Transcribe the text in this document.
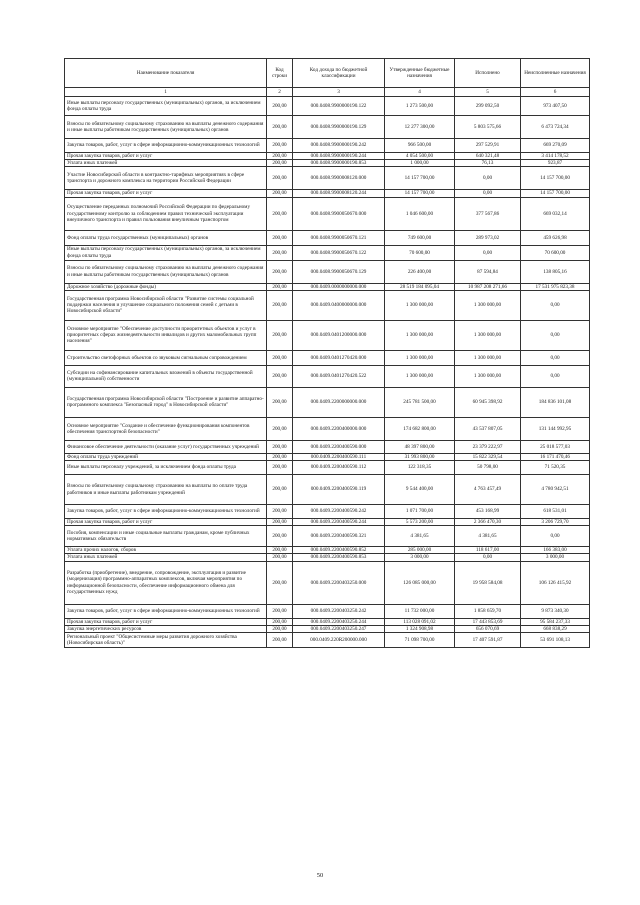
Наименование показателя	Код строки	Код дохода по бюджетной классификации	Утвержденные бюджетные назначения	Исполнено	Неисполненные назначения
1	2	3	4	5	6
Иные выплаты персоналу государственных (муниципальных) органов, за исключением фонда оплаты труда	200,00	000.0408.9900000190.122	1 273 500,00	299 092,50	973 407,50
Взносы по обязательному социальному страхованию на выплаты денежного содержания и иные выплаты работникам государственных (муниципальных) органов	200,00	000.0408.9900000190.129	12 277 300,00	5 803 575,66	6 473 724,34
Закупка товаров, работ, услуг в сфере информационно-коммуникационных технологий	200,00	000.0408.9900000190.242	966 500,00	297 529,91	669 270,09
Прочая закупка товаров, работ и услуг	200,00	000.0408.9900000190.244	4 054 500,00	640 321,48	3 414 178,52
Уплата иных платежей	200,00	000.0408.9900000190.853	1 000,00	76,13	923,87
Участие Новосибирской области в контрактно-тарифных мероприятиях в сфере транспорта и дорожного комплекса на территории Российской Федерации	200,00	000.0408.9900008120.000	14 157 700,00	0,00	14 157 700,00
Прочая закупка товаров, работ и услуг	200,00	000.0408.9900008120.244	14 157 700,00	0,00	14 157 700,00
Осуществление переданных полномочий Российской Федерации по федеральному государственному контролю за соблюдением правил технической эксплуатации внеуличного транспорта и правил пользования внеуличным транспортом	200,00	000.0408.9900050670.000	1 046 600,00	377 567,86	669 032,14
Фонд оплаты труда государственных (муниципальных) органов	200,00	000.0408.9900050670.121	749 600,00	289 973,02	459 626,98
Иные выплаты персоналу государственных (муниципальных) органов, за исключением фонда оплаты труда	200,00	000.0408.9900050670.122	70 600,00	0,00	70 600,00
Взносы по обязательному социальному страхованию на выплаты денежного содержания и иные выплаты работникам государственных (муниципальных) органов	200,00	000.0408.9900050670.129	226 400,00	87 594,84	138 805,16
Дорожное хозяйство (дорожные фонды)	200,00	000.0409.0000000000.000	28 519 184 095,04	10 987 208 271,66	17 531 975 823,38
Государственная программа Новосибирской области "Развитие системы социальной поддержки населения и улучшение социального положения семей с детьми в Новосибирской области"	200,00	000.0409.0400000000.000	1 300 000,00	1 300 000,00	0,00
Основное мероприятие "Обеспечение доступности приоритетных объектов и услуг в приоритетных сферах жизнедеятельности инвалидов и других маломобильных групп населения"	200,00	000.0409.0401200000.000	1 300 000,00	1 300 000,00	0,00
Строительство светофорных объектов со звуковым сигнальным сопровождением	200,00	000.0409.0401270420.000	1 300 000,00	1 300 000,00	0,00
Субсидии на софинансирование капитальных вложений в объекты государственной (муниципальной) собственности	200,00	000.0409.0401270420.522	1 300 000,00	1 300 000,00	0,00
Государственная программа Новосибирской области "Построение и развитие аппаратно-программного комплекса "Безопасный город" в Новосибирской области"	200,00	000.0409.2200000000.000	245 781 500,00	60 945 398,92	184 836 101,08
Основное мероприятие "Создание и обеспечение функционирования компонентов обеспечения транспортной безопасности"	200,00	000.0409.2200400000.000	174 682 800,00	43 537 807,05	131 144 992,95
Финансовое обеспечение деятельности (оказание услуг) государственных учреждений	200,00	000.0409.2200400590.000	48 397 800,00	23 379 222,97	25 018 577,03
Фонд оплаты труда учреждений	200,00	000.0409.2200400590.111	31 993 800,00	15 822 329,54	16 171 470,46
Иные выплаты персоналу учреждений, за исключением фонда оплаты труда	200,00	000.0409.2200400590.112	122 318,35	50 798,00	71 520,35
Взносы по обязательному социальному страхованию на выплаты по оплате труда работников и иные выплаты работникам учреждений	200,00	000.0409.2200400590.119	9 544 400,00	4 763 457,49	4 780 942,51
Закупка товаров, работ, услуг в сфере информационно-коммуникационных технологий	200,00	000.0409.2200400590.242	1 071 700,00	453 168,99	618 531,01
Прочая закупка товаров, работ и услуг	200,00	000.0409.2200400590.244	5 573 200,00	2 366 470,30	3 206 729,70
Пособия, компенсации и иные социальные выплаты гражданам, кроме публичных нормативных обязательств	200,00	000.0409.2200400590.321	4 381,65	4 381,65	0,00
Уплата прочих налогов, сборов	200,00	000.0409.2200400590.852	285 000,00	118 617,00	166 383,00
Уплата иных платежей	200,00	000.0409.2200400590.853	3 000,00	0,00	3 000,00
Разработка (приобретение), внедрение, сопровождение, эксплуатация и развитие (модернизация) программно-аппаратных комплексов, включая мероприятия по информационной безопасности, обеспечение информационного обмена для государственных нужд	200,00	000.0409.2200403250.000	126 085 000,00	19 958 584,08	106 126 415,92
Закупка товаров, работ, услуг в сфере информационно-коммуникационных технологий	200,00	000.0409.2200403250.242	11 732 000,00	1 858 659,70	9 873 340,30
Прочая закупка товаров, работ и услуг	200,00	000.0409.2200403250.244	113 028 091,02	17 443 853,69	95 584 237,33
Закупка энергетических ресурсов	200,00	000.0409.2200403250.247	1 324 908,98	656 070,69	668 838,29
Региональный проект "Общесистемные меры развития дорожного хозяйства (Новосибирская область)"	200,00	000.0409.220R200000.000	71 098 700,00	17 407 591,87	53 691 108,13
50
